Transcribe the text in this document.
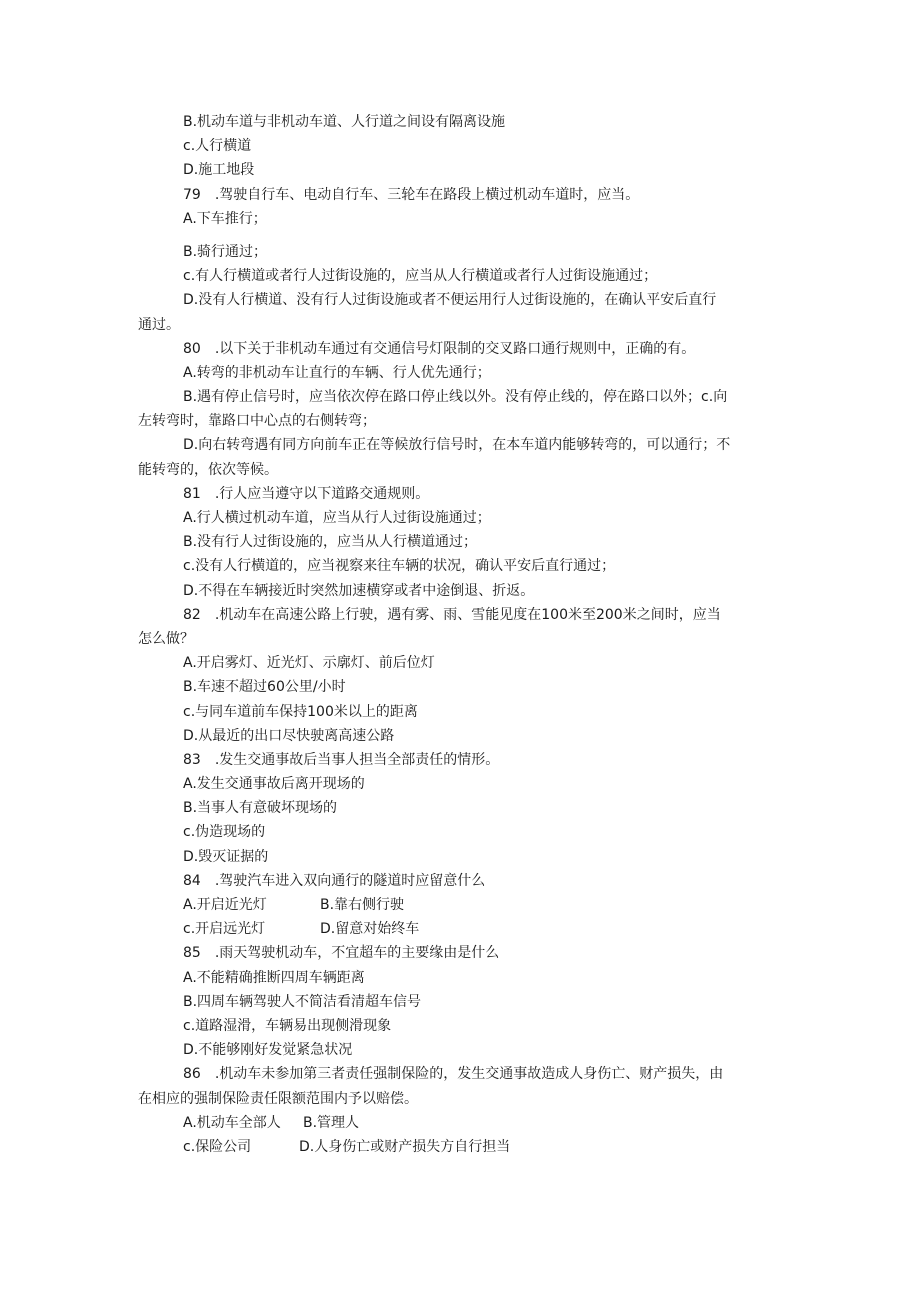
B.机动车道与非机动车道、人行道之间设有隔离设施
c.人行横道
D.施工地段
79　.驾驶自行车、电动自行车、三轮车在路段上横过机动车道时，应当。
A.下车推行；
B.骑行通过；
c.有人行横道或者行人过街设施的，应当从人行横道或者行人过街设施通过；
D.没有人行横道、没有行人过街设施或者不便运用行人过街设施的，在确认平安后直行
通过。
80　.以下关于非机动车通过有交通信号灯限制的交叉路口通行规则中，正确的有。
A.转弯的非机动车让直行的车辆、行人优先通行；
B.遇有停止信号时，应当依次停在路口停止线以外。没有停止线的，停在路口以外；c.向
左转弯时，靠路口中心点的右侧转弯；
D.向右转弯遇有同方向前车正在等候放行信号时，在本车道内能够转弯的，可以通行；不
能转弯的，依次等候。
81　.行人应当遵守以下道路交通规则。
A.行人横过机动车道，应当从行人过街设施通过；
B.没有行人过街设施的，应当从人行横道通过；
c.没有人行横道的，应当视察来往车辆的状况，确认平安后直行通过；
D.不得在车辆接近时突然加速横穿或者中途倒退、折返。
82　.机动车在高速公路上行驶，遇有雾、雨、雪能见度在100米至200米之间时，应当
怎么做？
A.开启雾灯、近光灯、示廓灯、前后位灯
B.车速不超过60公里/小时
c.与同车道前车保持100米以上的距离
D.从最近的出口尽快驶离高速公路
83　.发生交通事故后当事人担当全部责任的情形。
A.发生交通事故后离开现场的
B.当事人有意破坏现场的
c.伪造现场的
D.毁灭证据的
84　.驾驶汽车进入双向通行的隧道时应留意什么
A.开启近光灯	B.靠右侧行驶
c.开启远光灯	D.留意对始终车
85　.雨天驾驶机动车，不宜超车的主要缘由是什么
A.不能精确推断四周车辆距离
B.四周车辆驾驶人不简洁看清超车信号
c.道路湿滑，车辆易出现侧滑现象
D.不能够刚好发觉紧急状况
86　.机动车未参加第三者责任强制保险的，发生交通事故造成人身伤亡、财产损失，由
在相应的强制保险责任限额范围内予以赔偿。
A.机动车全部人 B.管理人
c.保险公司	D.人身伤亡或财产损失方自行担当
